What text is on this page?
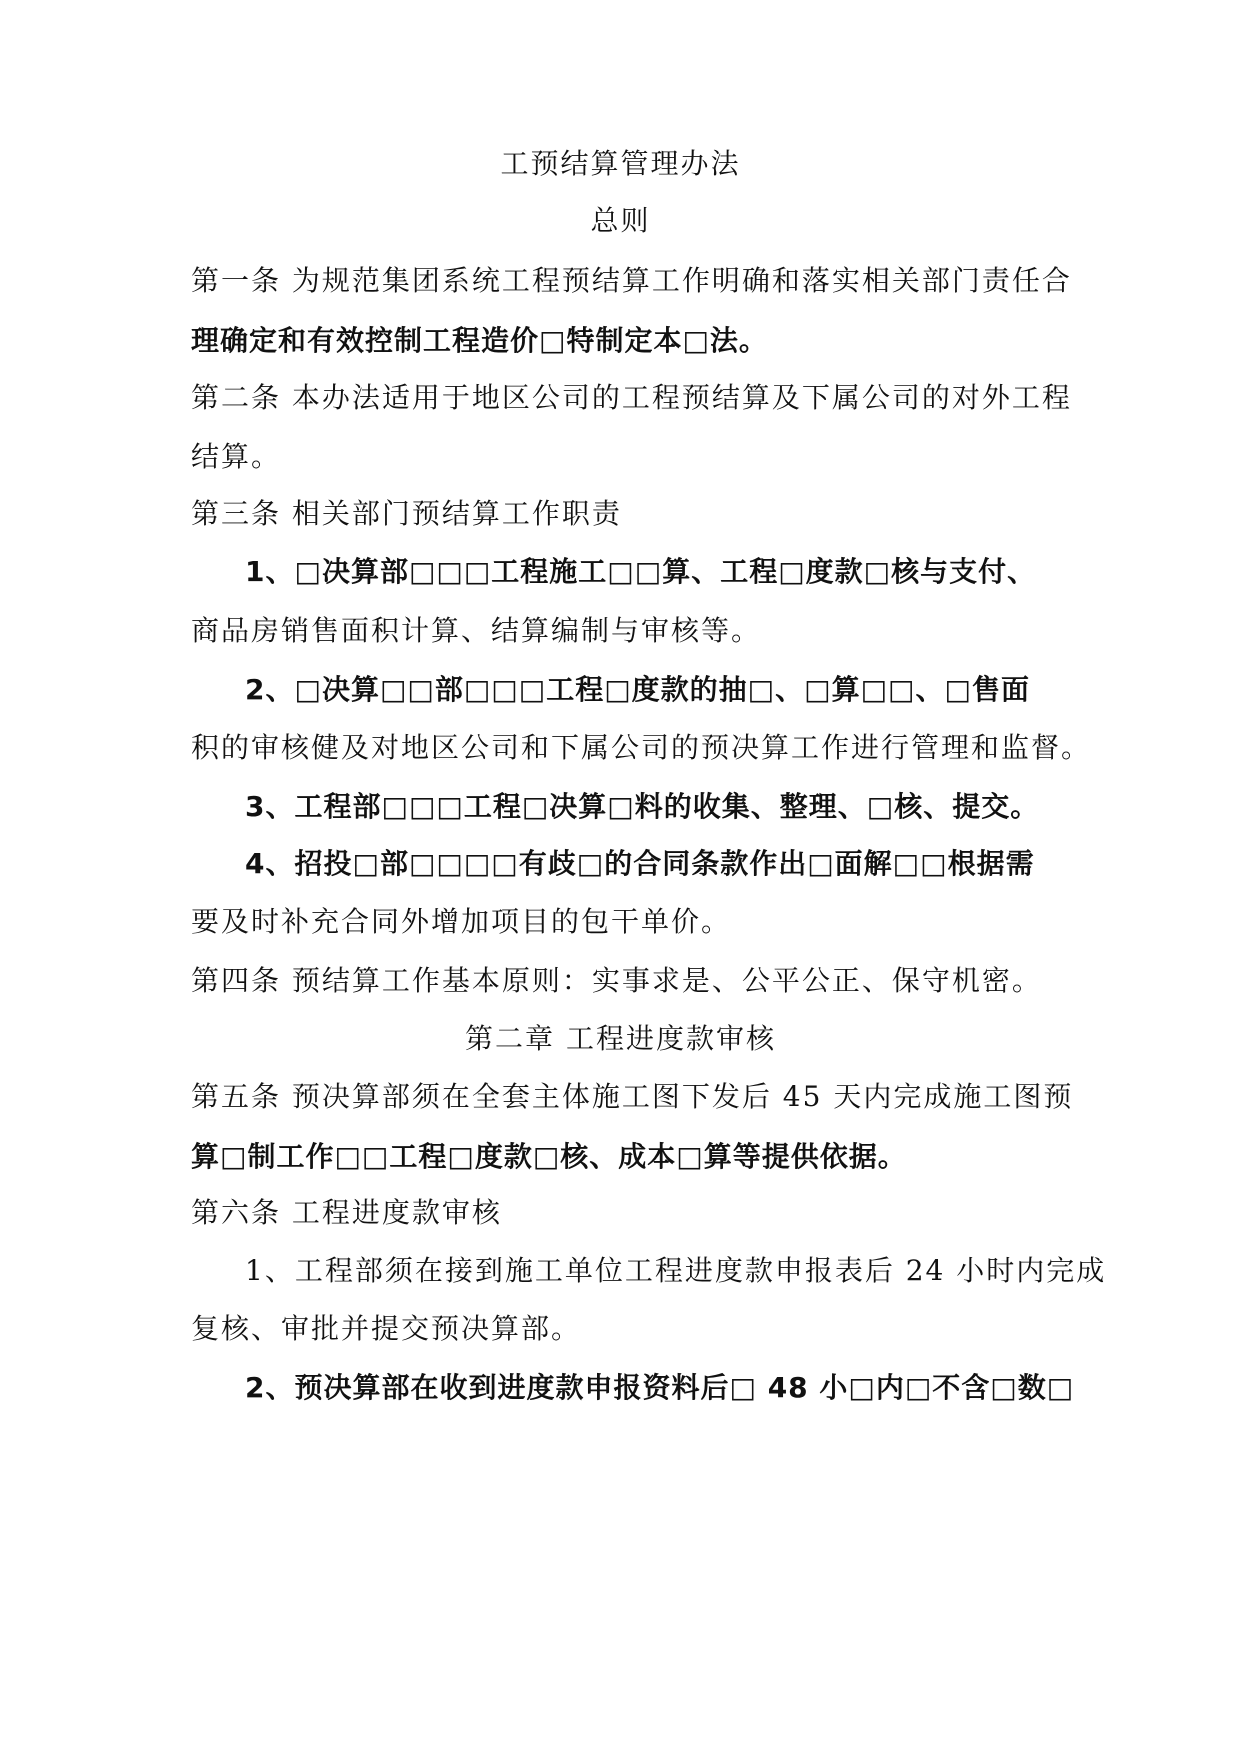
工预结算管理办法
总则
第一条 为规范集团系统工程预结算工作明确和落实相关部门责任合
理确定和有效控制工程造价□特制定本□法。
第二条 本办法适用于地区公司的工程预结算及下属公司的对外工程
结算。
第三条 相关部门预结算工作职责
1、□决算部□□□工程施工□□算、工程□度款□核与支付、
商品房销售面积计算、结算编制与审核等。
2、□决算□□部□□□工程□度款的抽□、□算□□、□售面
积的审核健及对地区公司和下属公司的预决算工作进行管理和监督。
3、工程部□□□工程□决算□料的收集、整理、□核、提交。
4、招投□部□□□□有歧□的合同条款作出□面解□□根据需
要及时补充合同外增加项目的包干单价。
第四条 预结算工作基本原则：实事求是、公平公正、保守机密。
第二章 工程进度款审核
第五条 预决算部须在全套主体施工图下发后 45 天内完成施工图预
算□制工作□□工程□度款□核、成本□算等提供依据。
第六条 工程进度款审核
1、工程部须在接到施工单位工程进度款申报表后 24 小时内完成
复核、审批并提交预决算部。
2、预决算部在收到进度款申报资料后□ 48 小□内□不含□数□
